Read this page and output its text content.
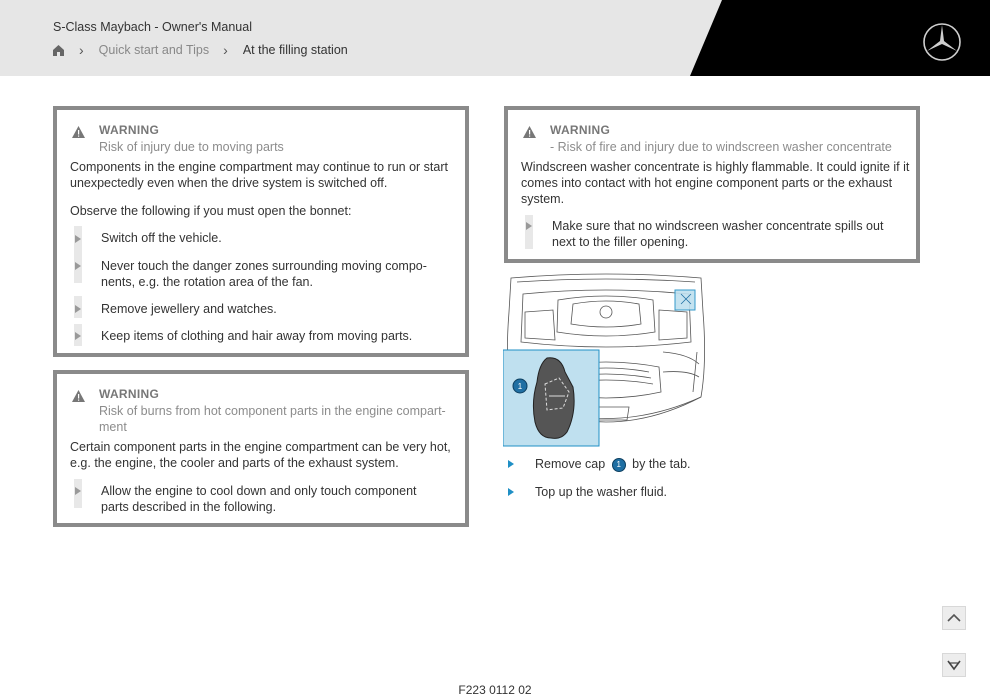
S-Class Maybach - Owner's Manual
› Quick start and Tips › At the filling station
WARNING
Risk of injury due to moving parts
Components in the engine compartment may continue to run or start
unexpectedly even when the drive system is switched off.
Observe the following if you must open the bonnet:
Switch off the vehicle.
Never touch the danger zones surrounding moving compo-
nents, e.g. the rotation area of the fan.
Remove jewellery and watches.
Keep items of clothing and hair away from moving parts.
WARNING
Risk of burns from hot component parts in the engine compart-
ment
Certain component parts in the engine compartment can be very hot,
e.g. the engine, the cooler and parts of the exhaust system.
Allow the engine to cool down and only touch component
parts described in the following.
WARNING
- Risk of fire and injury due to windscreen washer concentrate
Windscreen washer concentrate is highly flammable. It could ignite if it
comes into contact with hot engine component parts or the exhaust
system.
Make sure that no windscreen washer concentrate spills out
next to the filler opening.
1
Remove cap 1 by the tab.
Top up the washer fluid.
F223 0112 02
